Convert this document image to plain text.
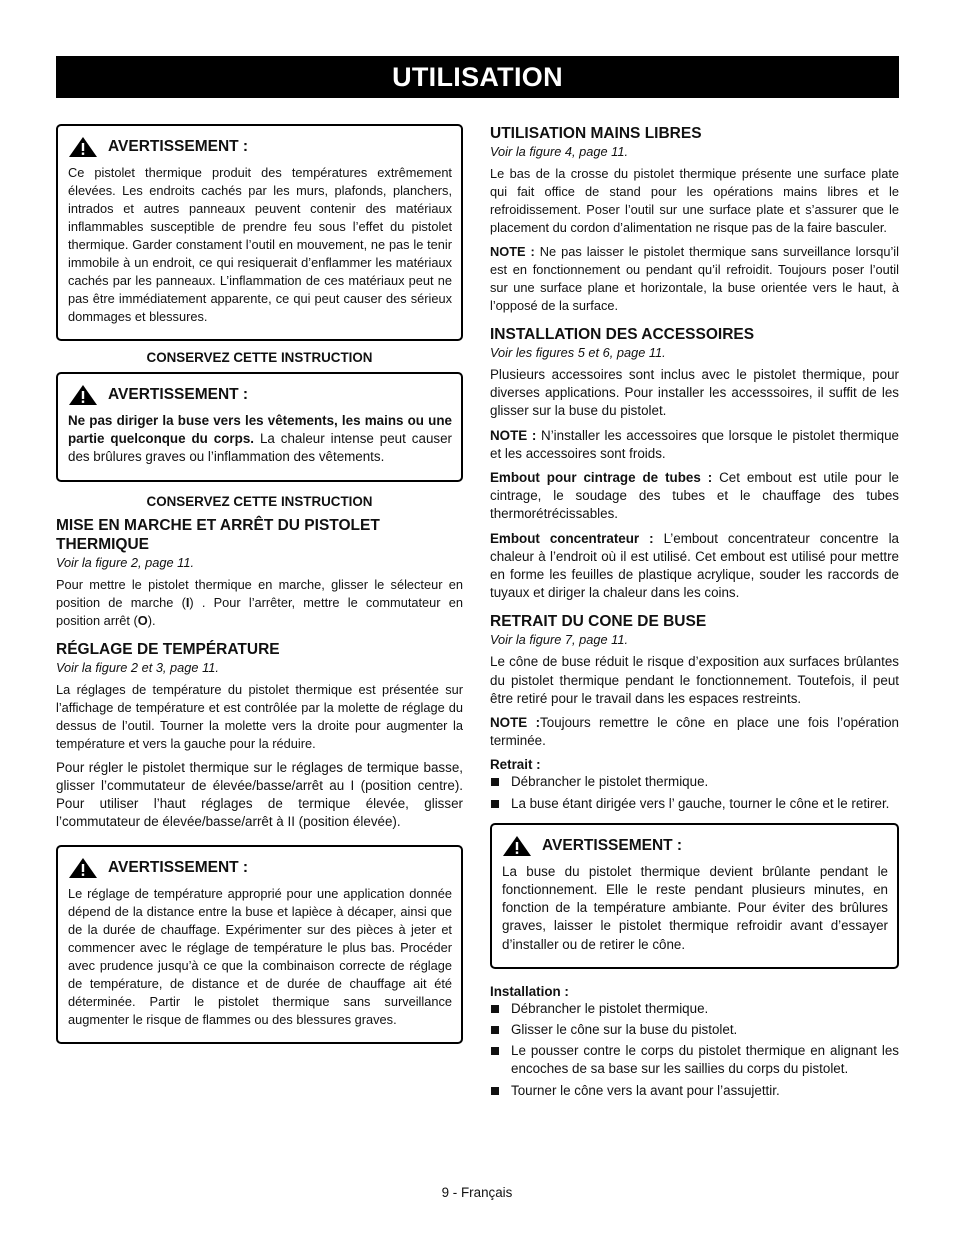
UTILISATION
AVERTISSEMENT :

Ce pistolet thermique produit des températures extrêmement élevées. Les endroits cachés par les murs, plafonds, planchers, intrados et autres panneaux peuvent contenir des matériaux inflammables susceptible de prendre feu sous l’effet du pistolet thermique. Garder constament l’outil en mouvement, ne pas le tenir immobile à un endroit, ce qui resiquerait d’enflammer les matériaux cachés par les panneaux. L’inflammation de ces matériaux peut ne pas être immédiatement apparente, ce qui peut causer des sérieux dommages et blessures.

CONSERVEZ CETTE INSTRUCTION
AVERTISSEMENT :

Ne pas diriger la buse vers les vêtements, les mains ou une partie quelconque du corps. La chaleur intense peut causer des brûlures graves ou l’inflammation des vêtements.

CONSERVEZ CETTE INSTRUCTION
MISE EN MARCHE ET ARRÊT DU PISTOLET THERMIQUE
Voir la figure 2, page 11.

Pour mettre le pistolet thermique en marche, glisser le sélecteur en position de marche (I) . Pour l’arrêter, mettre le commutateur en position arrêt (O).

RÉGLAGE DE TEMPÉRATURE
Voir la figure 2 et 3, page 11.

La réglages de température du pistolet thermique est présentée sur l’affichage de température et est contrôlée par la molette de réglage du dessus de l’outil. Tourner la molette vers la droite pour augmenter la température et vers la gauche pour la réduire.

Pour régler le pistolet thermique sur le réglages de termique basse, glisser l’commutateur de élevée/basse/arrêt au I (position centre). Pour utiliser l’haut réglages de termique élevée, glisser l’commutateur de élevée/basse/arrêt à II (position élevée).

AVERTISSEMENT :

Le réglage de température approprié pour une application donnée dépend de la distance entre la buse et lapièce à décaper, ainsi que de la durée de chauffage. Expérimenter sur des pièces à jeter et commencer avec le réglage de température le plus bas. Procéder avec prudence jusqu’à ce que la combinaison correcte de réglage de température, de distance et de durée de chauffage ait été déterminée. Partir le pistolet thermique sans surveillance augmenter le risque de flammes ou des blessures graves.

UTILISATION MAINS LIBRES
Voir la figure 4, page 11.

Le bas de la crosse du pistolet thermique présente une surface plate qui fait office de stand pour les opérations mains libres et le refroidissement. Poser l’outil sur une surface plate et s’assurer que le placement du cordon d’alimentation ne risque pas de la faire basculer.

NOTE : Ne pas laisser le pistolet thermique sans surveillance lorsqu’il est en fonctionnement ou pendant qu’il refroidit. Toujours poser l’outil sur une surface plane et horizontale, la buse orientée vers le haut, à l’opposé de la surface.

INSTALLATION DES ACCESSOIRES
Voir les figures 5 et 6, page 11.

Plusieurs accessoires sont inclus avec le pistolet thermique, pour diverses applications. Pour installer les accesssoires, il suffit de les glisser sur la buse du pistolet.

NOTE : N’installer les accessoires que lorsque le pistolet thermique et les accessoires sont froids.

Embout pour cintrage de tubes : Cet embout est utile pour le cintrage, le soudage des tubes et le chauffage des tubes thermorétrécissables.

Embout concentrateur : L’embout concentrateur concentre la chaleur à l’endroit où il est utilisé. Cet embout est utilisé pour mettre en forme les feuilles de plastique acrylique, souder les raccords de tuyaux et diriger la chaleur dans les coins.

RETRAIT DU CONE DE BUSE
Voir la figure 7, page 11.

Le cône de buse réduit le risque d’exposition aux surfaces brûlantes du pistolet thermique pendant le fonctionnement. Toutefois, il peut être retiré pour le travail dans les espaces restreints.

NOTE :Toujours remettre le cône en place une fois l’opération terminée.

Retrait :
Débrancher le pistolet thermique.
La buse étant dirigée vers l’ gauche, tourner le cône et le retirer.
AVERTISSEMENT :

La buse du pistolet thermique devient brûlante pendant le fonctionnement. Elle le reste pendant plusieurs minutes, en fonction de la température ambiante. Pour éviter des brûlures graves, laisser le pistolet thermique refroidir avant d’essayer d’installer ou de retirer le cône.

Installation :
Débrancher le pistolet thermique.
Glisser le cône sur la buse du pistolet.
Le pousser contre le corps du pistolet thermique en alignant les encoches de sa base sur les saillies du corps du pistolet.
Tourner le cône vers la avant pour l’assujettir.
9 - Français
